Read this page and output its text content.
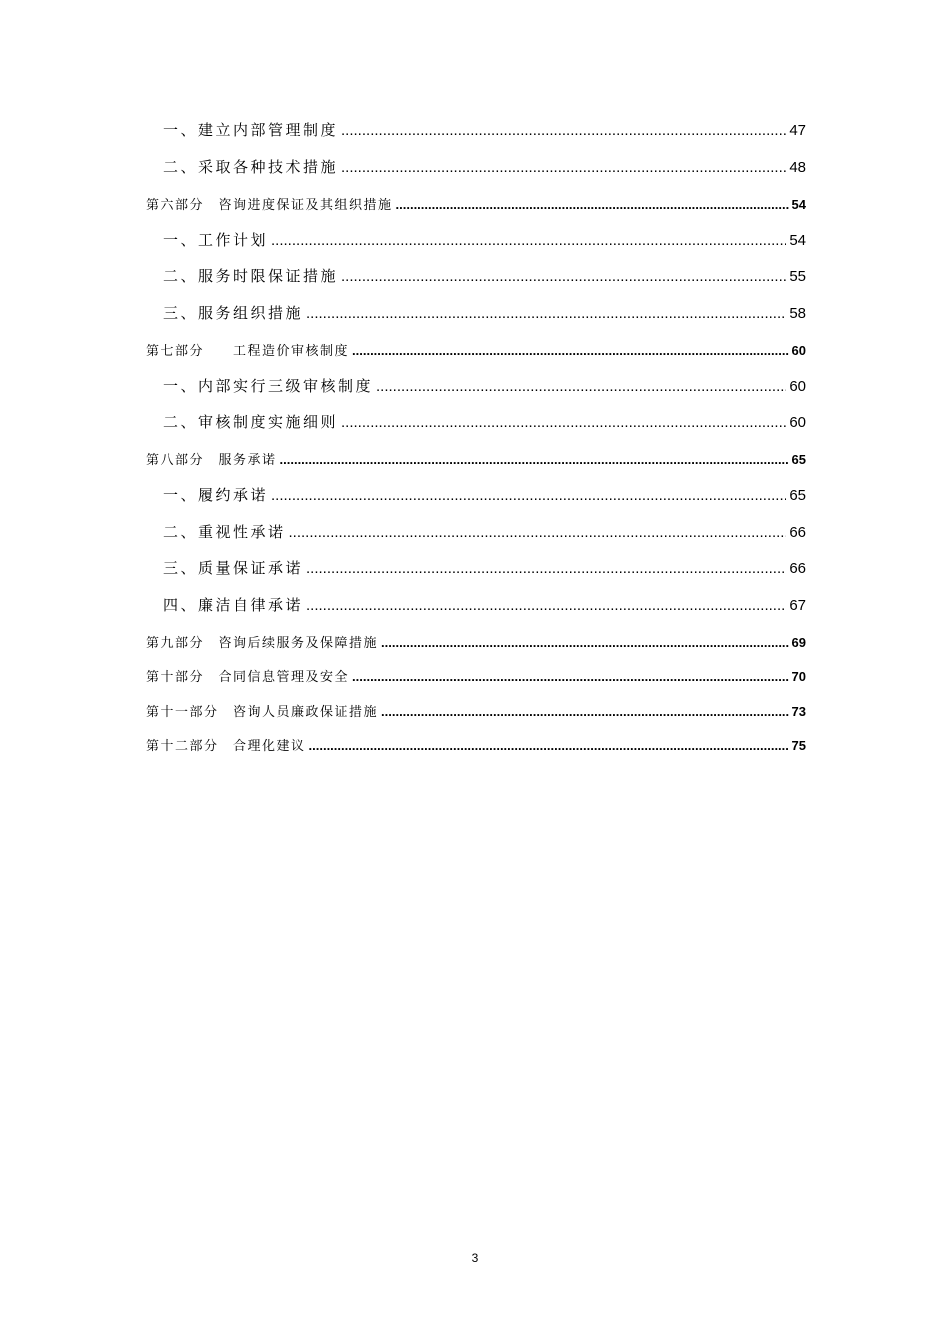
一、建立内部管理制度 .....	47
二、采取各种技术措施 .....	48
第六部分　咨询进度保证及其组织措施 .....	54
一、工作计划 .....	54
二、服务时限保证措施 .....	55
三、服务组织措施 .....	58
第七部分　　工程造价审核制度 .....	60
一、内部实行三级审核制度 .....	60
二、审核制度实施细则 .....	60
第八部分　服务承诺 .....	65
一、履约承诺 .....	65
二、重视性承诺 .....	66
三、质量保证承诺 .....	66
四、廉洁自律承诺 .....	67
第九部分　咨询后续服务及保障措施 .....	69
第十部分　合同信息管理及安全 .....	70
第十一部分　咨询人员廉政保证措施 .....	73
第十二部分　合理化建议 .....	75
3
